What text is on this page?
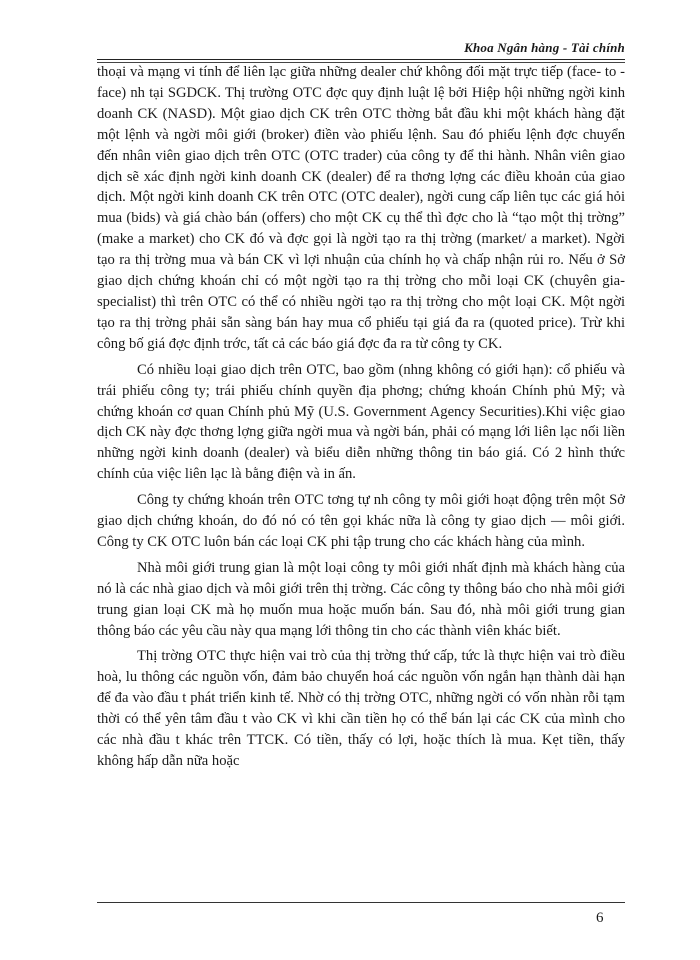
Khoa Ngân hàng - Tài chính

thoại và mạng vi tính để liên lạc giữa những dealer chứ không đối mặt trực tiếp (face- to - face) nh tại SGDCK. Thị trường OTC đợc quy định luật lệ bởi Hiệp hội những ngời kinh doanh CK (NASD). Một giao dịch CK trên OTC thờng bắt đầu khi một khách hàng đặt một lệnh và ngời môi giới (broker) điền vào phiếu lệnh. Sau đó phiếu lệnh đợc chuyển đến nhân viên giao dịch trên OTC (OTC trader) của công ty để thi hành. Nhân viên giao dịch sẽ xác định ngời kinh doanh CK (dealer) để ra thơng lợng các điều khoản của giao dịch. Một ngời kinh doanh CK trên OTC (OTC dealer), ngời cung cấp liên tục các giá hỏi mua (bids) và giá chào bán (offers) cho một CK cụ thể thì đợc cho là “tạo một thị trờng” (make a market) cho CK đó và đợc gọi là ngời tạo ra thị trờng (market/ a market). Ngời tạo ra thị trờng mua và bán CK vì lợi nhuận của chính họ và chấp nhận rủi ro. Nếu ở Sở giao dịch chứng khoán chỉ có một ngời tạo ra thị trờng cho mỗi loại CK (chuyên gia- specialist) thì trên OTC có thể có nhiều ngời tạo ra thị trờng cho một loại CK. Một ngời tạo ra thị trờng phải sẵn sàng bán hay mua cổ phiếu tại giá đa ra (quoted price). Trừ khi công bố giá đợc định trớc, tất cả các báo giá đợc đa ra từ công ty CK.

Có nhiều loại giao dịch trên OTC, bao gồm (nhng không có giới hạn): cổ phiếu và trái phiếu công ty; trái phiếu chính quyền địa phơng; chứng khoán Chính phủ Mỹ; và chứng khoán cơ quan Chính phủ Mỹ (U.S. Government Agency Securities).Khi việc giao dịch CK này đợc thơng lợng giữa ngời mua và ngời bán, phải có mạng lới liên lạc nối liền những ngời kinh doanh (dealer) và biểu diễn những thông tin báo giá. Có 2 hình thức chính của việc liên lạc là bằng điện và in ấn.

Công ty chứng khoán trên OTC tơng tự nh công ty môi giới hoạt động trên một Sở giao dịch chứng khoán, do đó nó có tên gọi khác nữa là công ty giao dịch — môi giới. Công ty CK OTC luôn bán các loại CK phi tập trung cho các khách hàng của mình.

Nhà môi giới trung gian là một loại công ty môi giới nhất định mà khách hàng của nó là các nhà giao dịch và môi giới trên thị trờng. Các công ty thông báo cho nhà môi giới trung gian loại CK mà họ muốn mua hoặc muốn bán. Sau đó, nhà môi giới trung gian thông báo các yêu cầu này qua mạng lới thông tin cho các thành viên khác biết.

Thị trờng OTC thực hiện vai trò của thị trờng thứ cấp, tức là thực hiện vai trò điều hoà, lu thông các nguồn vốn, đảm bảo chuyển hoá các nguồn vốn ngắn hạn thành dài hạn để đa vào đầu t phát triển kinh tế. Nhờ có thị trờng OTC, những ngời có vốn nhàn rỗi tạm thời có thể yên tâm đầu t vào CK vì khi cần tiền họ có thể bán lại các CK của mình cho các nhà đầu t khác trên TTCK. Có tiền, thấy có lợi, hoặc thích là mua. Kẹt tiền, thấy không hấp dẫn nữa hoặc

6
